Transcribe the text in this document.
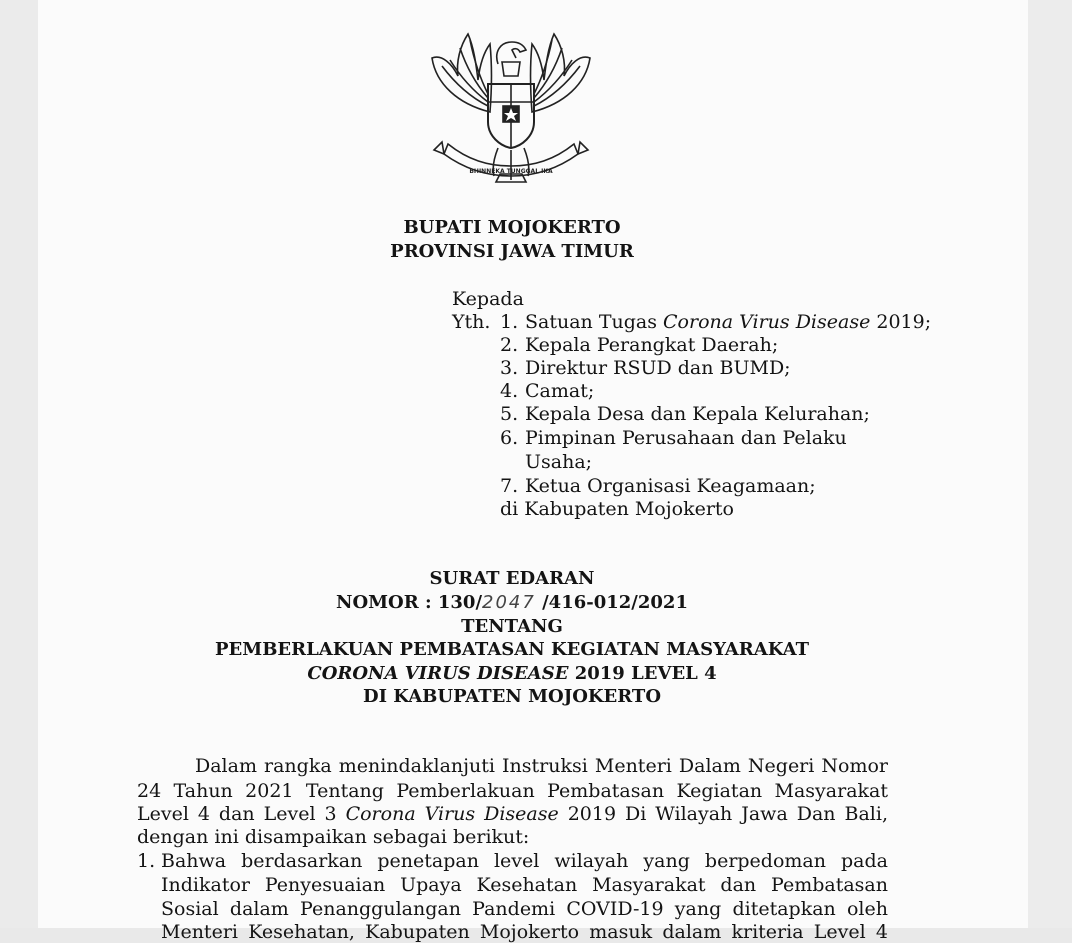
BHINNEKA TUNGGAL IKA
BUPATI MOJOKERTO
PROVINSI JAWA TIMUR
Kepada
Yth. 1. Satuan Tugas Corona Virus Disease 2019;
2. Kepala Perangkat Daerah;
3. Direktur RSUD dan BUMD;
4. Camat;
5. Kepala Desa dan Kepala Kelurahan;
6. Pimpinan Perusahaan dan Pelaku
Usaha;
7. Ketua Organisasi Keagamaan;
di Kabupaten Mojokerto
SURAT EDARAN
NOMOR : 130/2047 /416-012/2021
TENTANG
PEMBERLAKUAN PEMBATASAN KEGIATAN MASYARAKAT
CORONA VIRUS DISEASE 2019 LEVEL 4
DI KABUPATEN MOJOKERTO
Dalam rangka menindaklanjuti Instruksi Menteri Dalam Negeri Nomor
24 Tahun 2021 Tentang Pemberlakuan Pembatasan Kegiatan Masyarakat
Level 4 dan Level 3 Corona Virus Disease 2019 Di Wilayah Jawa Dan Bali,
dengan ini disampaikan sebagai berikut:
1. Bahwa berdasarkan penetapan level wilayah yang berpedoman pada
Indikator Penyesuaian Upaya Kesehatan Masyarakat dan Pembatasan
Sosial dalam Penanggulangan Pandemi COVID-19 yang ditetapkan oleh
Menteri Kesehatan, Kabupaten Mojokerto masuk dalam kriteria Level 4
